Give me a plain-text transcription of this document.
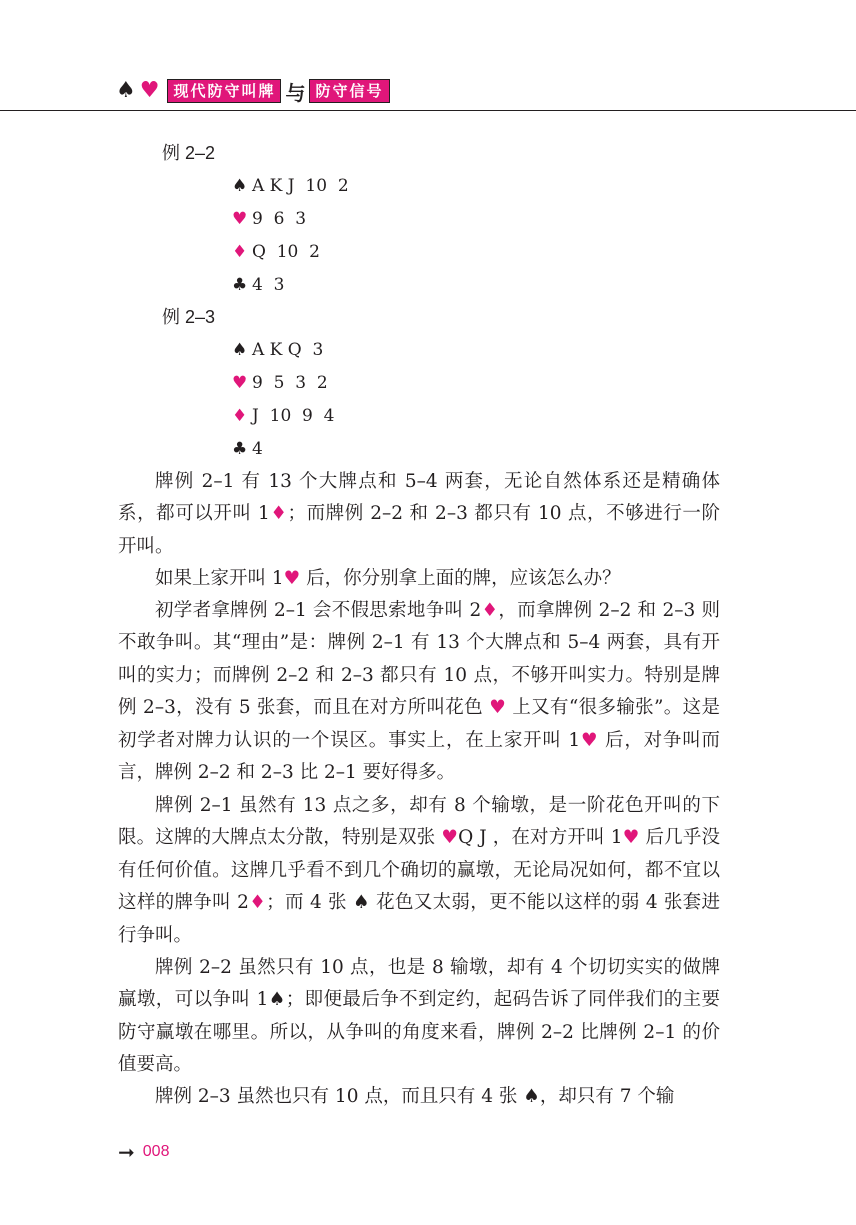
♠ ♥ 现代防守叫牌 与 防守信号
例 2–2
♠ A K J  10  2
♥ 9  6  3
♦ Q  10  2
♣ 4  3
例 2–3
♠ A K Q  3
♥ 9  5  3  2
♦ J  10  9  4
♣ 4

牌例 2–1 有 13 个大牌点和 5–4 两套，无论自然体系还是精确体系，都可以开叫 1♦；而牌例 2–2 和 2–3 都只有 10 点，不够进行一阶开叫。

如果上家开叫 1♥ 后，你分别拿上面的牌，应该怎么办？

初学者拿牌例 2–1 会不假思索地争叫 2♦，而拿牌例 2–2 和 2–3 则不敢争叫。其“理由”是：牌例 2–1 有 13 个大牌点和 5–4 两套，具有开叫的实力；而牌例 2–2 和 2–3 都只有 10 点，不够开叫实力。特别是牌例 2–3，没有 5 张套，而且在对方所叫花色 ♥ 上又有“很多输张”。这是初学者对牌力认识的一个误区。事实上，在上家开叫 1♥ 后，对争叫而言，牌例 2–2 和 2–3 比 2–1 要好得多。

牌例 2–1 虽然有 13 点之多，却有 8 个输墩，是一阶花色开叫的下限。这牌的大牌点太分散，特别是双张 ♥Q J ，在对方开叫 1♥ 后几乎没有任何价值。这牌几乎看不到几个确切的赢墩，无论局况如何，都不宜以这样的牌争叫 2♦；而 4 张 ♠ 花色又太弱，更不能以这样的弱 4 张套进行争叫。

牌例 2–2 虽然只有 10 点，也是 8 输墩，却有 4 个切切实实的做牌赢墩，可以争叫 1♠；即便最后争不到定约，起码告诉了同伴我们的主要防守赢墩在哪里。所以，从争叫的角度来看，牌例 2–2 比牌例 2–1 的价值要高。

牌例 2–3 虽然也只有 10 点，而且只有 4 张 ♠，却只有 7 个输

➞ 008
